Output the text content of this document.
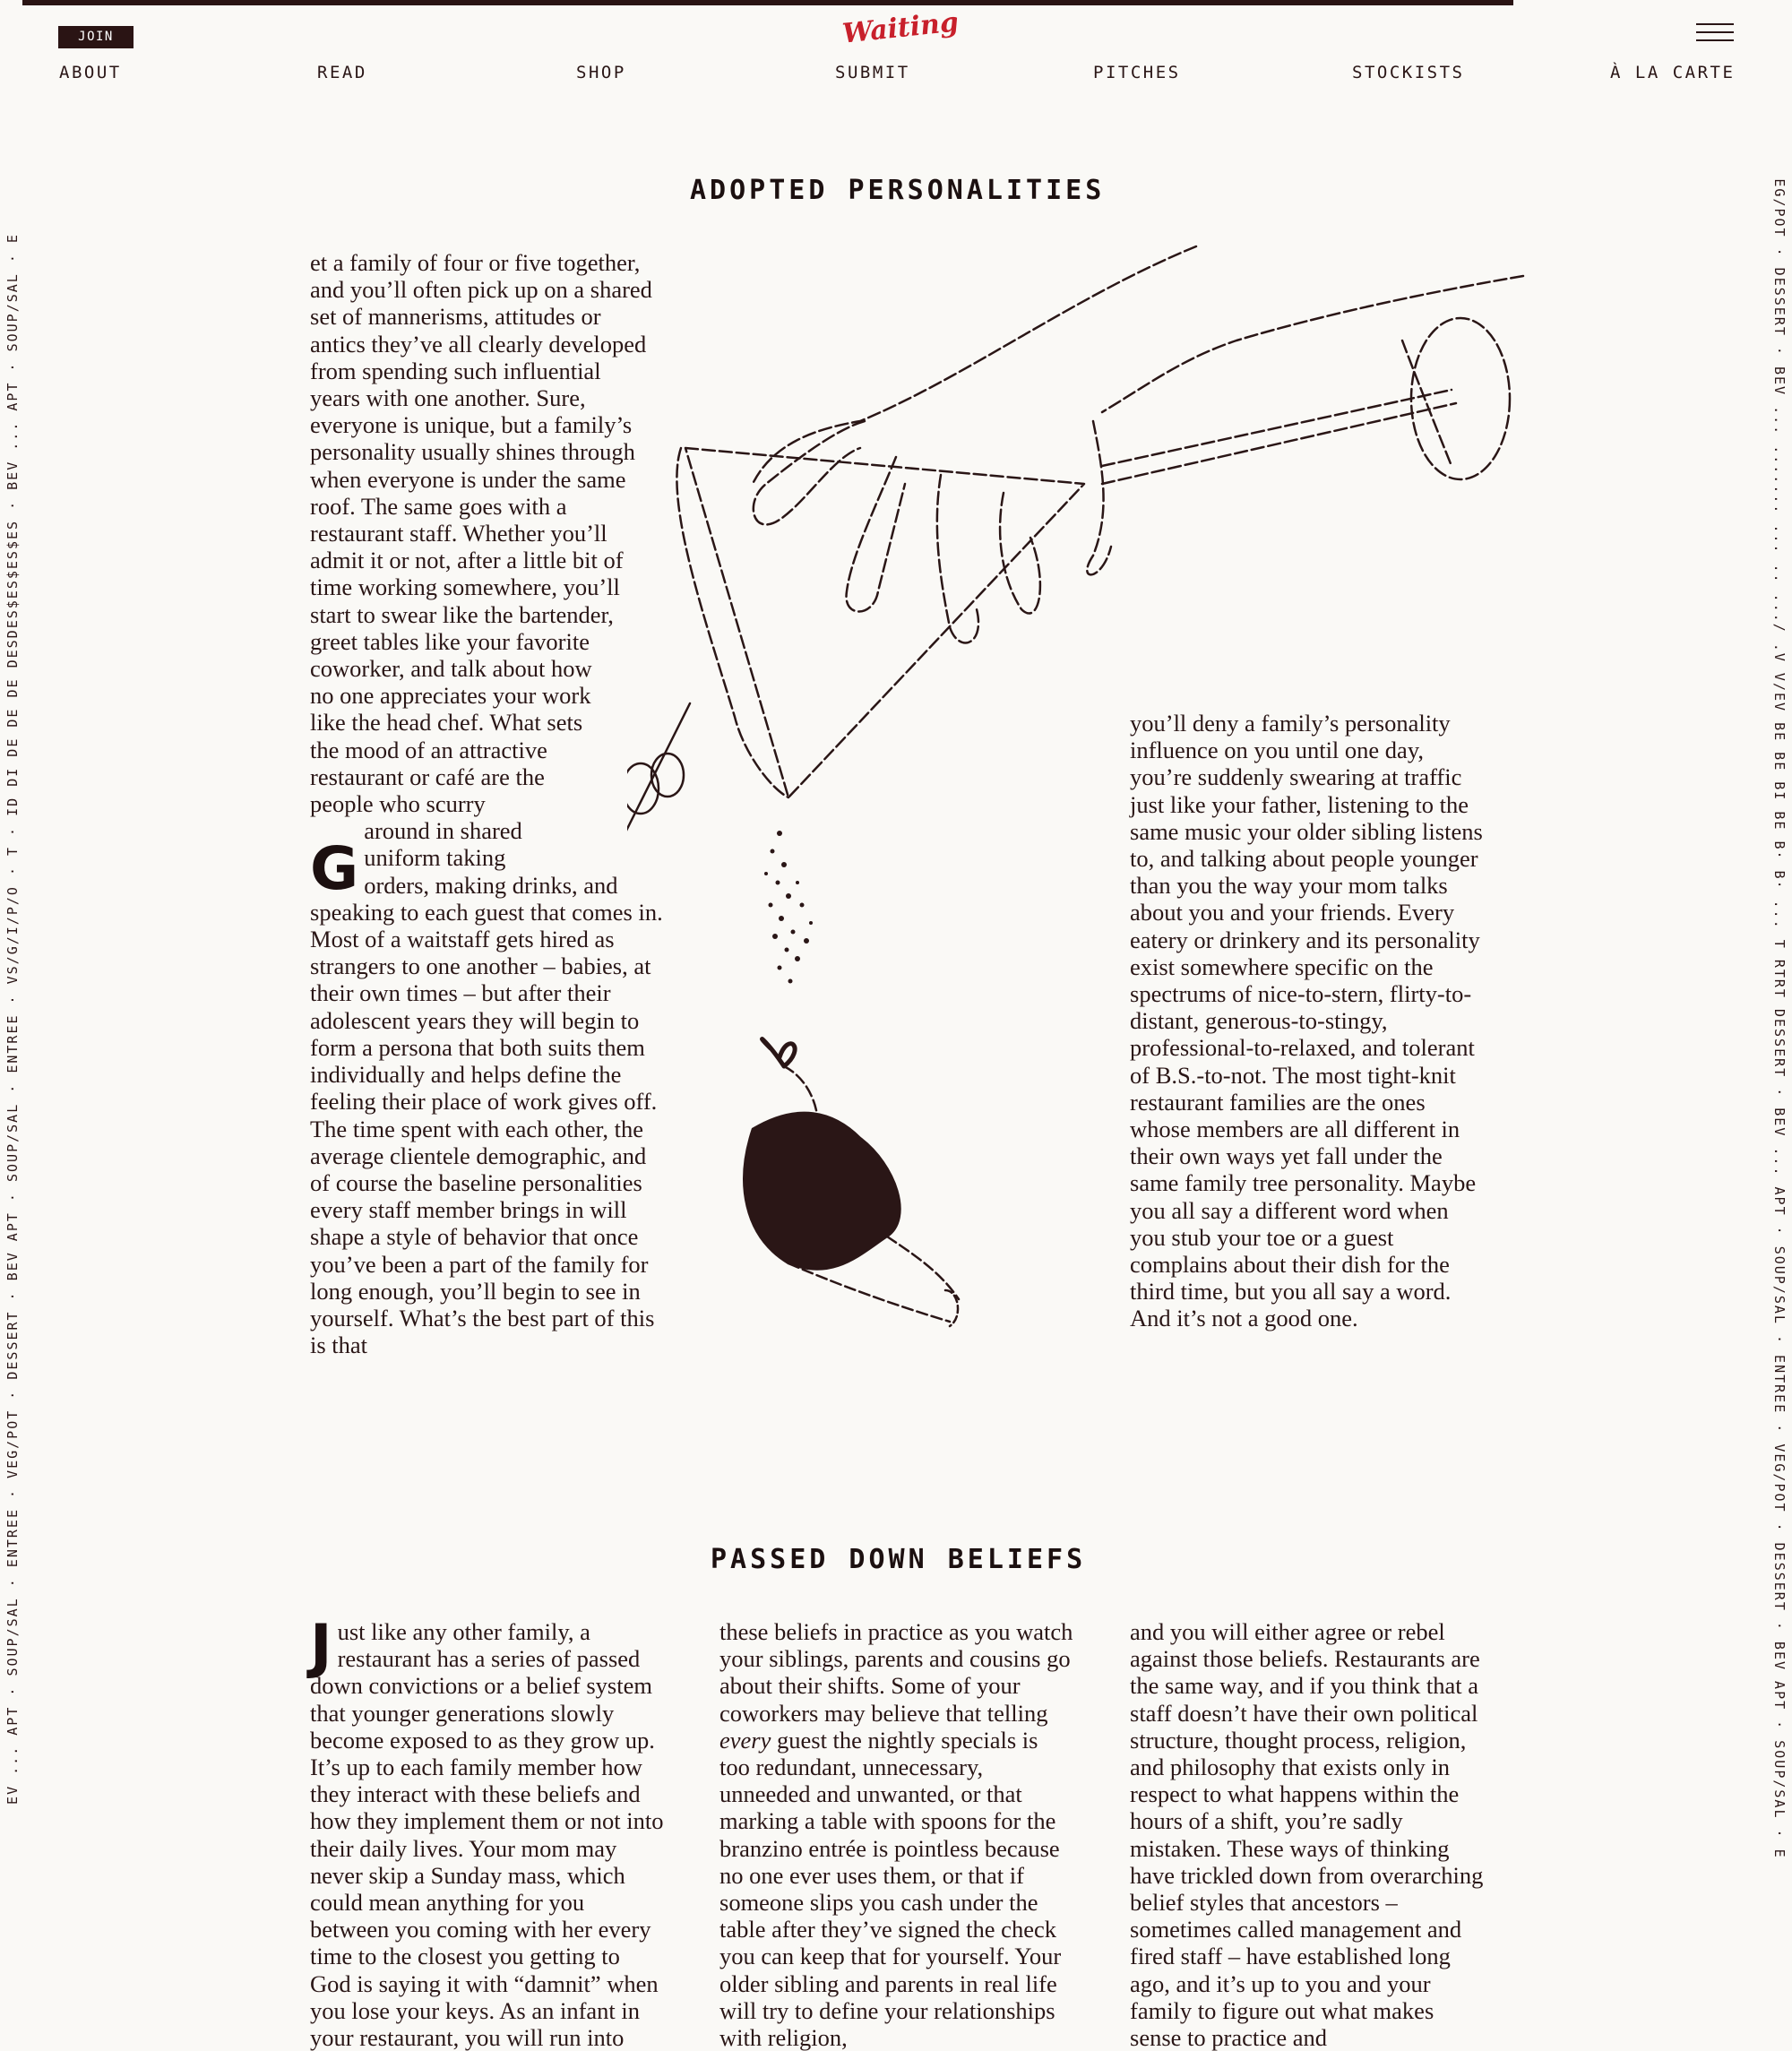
EV ... APT · SOUP/SAL · ENTREE · VEG/POT · DESSERT · BEV APT · SOUP/SAL · ENTREE · VS/G/I/P/O · T · ID DI DE DE DE DESDES$ES$ES$ES · BEV ... APT · SOUP/SAL · E	EG/POT · DESSERT · BEV ... ....... ... .. .../ .V V/EV BE BE BI BE B· B· ... T RTRT DESSERT · BEV ... APT · SOUP/SAL · ENTREE · VEG/POT · DESSERT · BEV APT · SOUP/SAL · E
JOIN	Waiting
ABOUT	READ	SHOP	SUBMIT	PITCHES	STOCKISTS	À LA CARTE
ADOPTED PERSONALITIES

G
et a family of four or five together, and you’ll often pick up on a shared set of mannerisms, attitudes or antics they’ve all clearly developed from spending such influential years with one another. Sure, everyone is unique, but a family’s personality usually shines through when everyone is under the same roof. The same goes with a restaurant staff. Whether you’ll admit it or not, after a little bit of time working somewhere, you’ll start to swear like the bartender, greet tables like your favorite coworker, and talk about how no one appreciates your work like the head chef. What sets the mood of an attractive restaurant or café are the people who scurry around in shared uniform taking orders, making drinks, and speaking to each guest that comes in. Most of a waitstaff gets hired as strangers to one another – babies, at their own times – but after their adolescent years they will begin to form a persona that both suits them individually and helps define the feeling their place of work gives off. The time spent with each other, the average clientele demographic, and of course the baseline personalities every staff member brings in will shape a style of behavior that once you’ve been a part of the family for long enough, you’ll begin to see in yourself. What’s the best part of this is that

you’ll deny a family’s personality influence on you until one day, you’re suddenly swearing at traffic just like your father, listening to the same music your older sibling listens to, and talking about people younger than you the way your mom talks about you and your friends. Every eatery or drinkery and its personality exist somewhere specific on the spectrums of nice-to-stern, flirty-to-distant, generous-to-stingy, professional-to-relaxed, and tolerant of B.S.-to-not. The most tight-knit restaurant families are the ones whose members are all different in their own ways yet fall under the same family tree personality. Maybe you all say a different word when you stub your toe or a guest complains about their dish for the third time, but you all say a word. And it’s not a good one.

PASSED DOWN BELIEFS

Just like any other family, a restaurant has a series of passed down convictions or a belief system that younger generations slowly become exposed to as they grow up. It’s up to each family member how they interact with these beliefs and how they implement them or not into their daily lives. Your mom may never skip a Sunday mass, which could mean anything for you between you coming with her every time to the closest you getting to God is saying it with “damnit” when you lose your keys. As an infant in your restaurant, you will run into

these beliefs in practice as you watch your siblings, parents and cousins go about their shifts. Some of your coworkers may believe that telling every guest the nightly specials is too redundant, unnecessary, unneeded and unwanted, or that marking a table with spoons for the branzino entrée is pointless because no one ever uses them, or that if someone slips you cash under the table after they’ve signed the check you can keep that for yourself. Your older sibling and parents in real life will try to define your relationships with religion,

and you will either agree or rebel against those beliefs. Restaurants are the same way, and if you think that a staff doesn’t have their own political structure, thought process, religion, and philosophy that exists only in respect to what happens within the hours of a shift, you’re sadly mistaken. These ways of thinking have trickled down from overarching belief styles that ancestors – sometimes called management and fired staff – have established long ago, and it’s up to you and your family to figure out what makes sense to practice and
